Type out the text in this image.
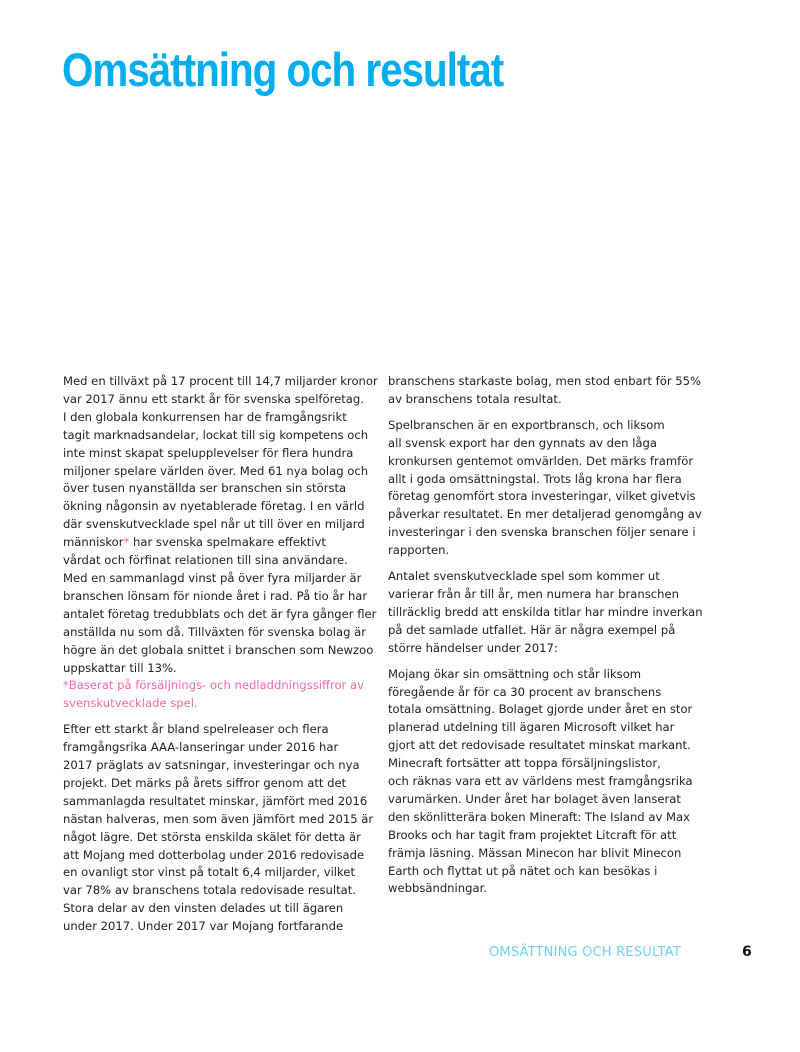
Omsättning och resultat

Med en tillväxt på 17 procent till 14,7 miljarder kronor
var 2017 ännu ett starkt år för svenska spelföretag.
I den globala konkurrensen har de framgångsrikt
tagit marknadsandelar, lockat till sig kompetens och
inte minst skapat spelupplevelser för flera hundra
miljoner spelare världen över. Med 61 nya bolag och
över tusen nyanställda ser branschen sin största
ökning någonsin av nyetablerade företag. I en värld
där svenskutvecklade spel når ut till över en miljard
människor* har svenska spelmakare effektivt
vårdat och förfinat relationen till sina användare.
Med en sammanlagd vinst på över fyra miljarder är
branschen lönsam för nionde året i rad. På tio år har
antalet företag tredubblats och det är fyra gånger fler
anställda nu som då. Tillväxten för svenska bolag är
högre än det globala snittet i branschen som Newzoo
uppskattar till 13%.
*Baserat på försäljnings- och nedladdningssiffror av
svenskutvecklade spel.

Efter ett starkt år bland spelreleaser och flera
framgångsrika AAA-lanseringar under 2016 har
2017 präglats av satsningar, investeringar och nya
projekt. Det märks på årets siffror genom att det
sammanlagda resultatet minskar, jämfört med 2016
nästan halveras, men som även jämfört med 2015 är
något lägre. Det största enskilda skälet för detta är
att Mojang med dotterbolag under 2016 redovisade
en ovanligt stor vinst på totalt 6,4 miljarder, vilket
var 78% av branschens totala redovisade resultat.
Stora delar av den vinsten delades ut till ägaren
under 2017. Under 2017 var Mojang fortfarande

branschens starkaste bolag, men stod enbart för 55%
av branschens totala resultat.

Spelbranschen är en exportbransch, och liksom
all svensk export har den gynnats av den låga
kronkursen gentemot omvärlden. Det märks framför
allt i goda omsättningstal. Trots låg krona har flera
företag genomfört stora investeringar, vilket givetvis
påverkar resultatet. En mer detaljerad genomgång av
investeringar i den svenska branschen följer senare i
rapporten.

Antalet svenskutvecklade spel som kommer ut
varierar från år till år, men numera har branschen
tillräcklig bredd att enskilda titlar har mindre inverkan
på det samlade utfallet. Här är några exempel på
större händelser under 2017:

Mojang ökar sin omsättning och står liksom
föregående år för ca 30 procent av branschens
totala omsättning. Bolaget gjorde under året en stor
planerad utdelning till ägaren Microsoft vilket har
gjort att det redovisade resultatet minskat markant.
Minecraft fortsätter att toppa försäljningslistor,
och räknas vara ett av världens mest framgångsrika
varumärken. Under året har bolaget även lanserat
den skönlitterära boken Mineraft: The Island av Max
Brooks och har tagit fram projektet Litcraft för att
främja läsning. Mässan Minecon har blivit Minecon
Earth och flyttat ut på nätet och kan besökas i
webbsändningar.

OMSÄTTNING OCH RESULTAT	6
